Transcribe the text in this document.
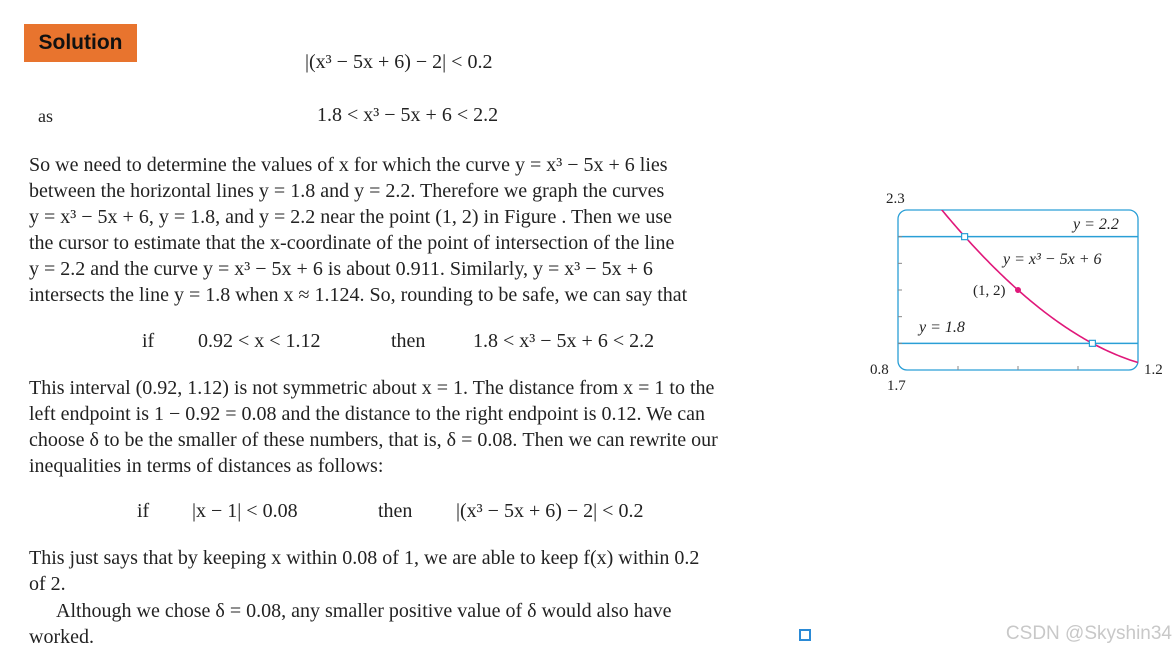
Solution
|(x³ − 5x + 6) − 2| < 0.2
as	1.8 < x³ − 5x + 6 < 2.2
So we need to determine the values of x for which the curve y = x³ − 5x + 6 lies
between the horizontal lines y = 1.8 and y = 2.2. Therefore we graph the curves
y = x³ − 5x + 6, y = 1.8, and y = 2.2 near the point (1, 2) in Figure . Then we use
the cursor to estimate that the x-coordinate of the point of intersection of the line
y = 2.2 and the curve y = x³ − 5x + 6 is about 0.911. Similarly, y = x³ − 5x + 6
intersects the line y = 1.8 when x ≈ 1.124. So, rounding to be safe, we can say that
if 0.92 < x < 1.12	then 1.8 < x³ − 5x + 6 < 2.2
This interval (0.92, 1.12) is not symmetric about x = 1. The distance from x = 1 to the
left endpoint is 1 − 0.92 = 0.08 and the distance to the right endpoint is 0.12. We can
choose δ to be the smaller of these numbers, that is, δ = 0.08. Then we can rewrite our
inequalities in terms of distances as follows:
if |x − 1| < 0.08	then |(x³ − 5x + 6) − 2| < 0.2
This just says that by keeping x within 0.08 of 1, we are able to keep f(x) within 0.2
of 2.
Although we chose δ = 0.08, any smaller positive value of δ would also have
worked.	CSDN @Skyshin34
(1, 2)
y = 2.2
y = x³ − 5x + 6
y = 1.8
2.3
0.8
1.7
1.2
